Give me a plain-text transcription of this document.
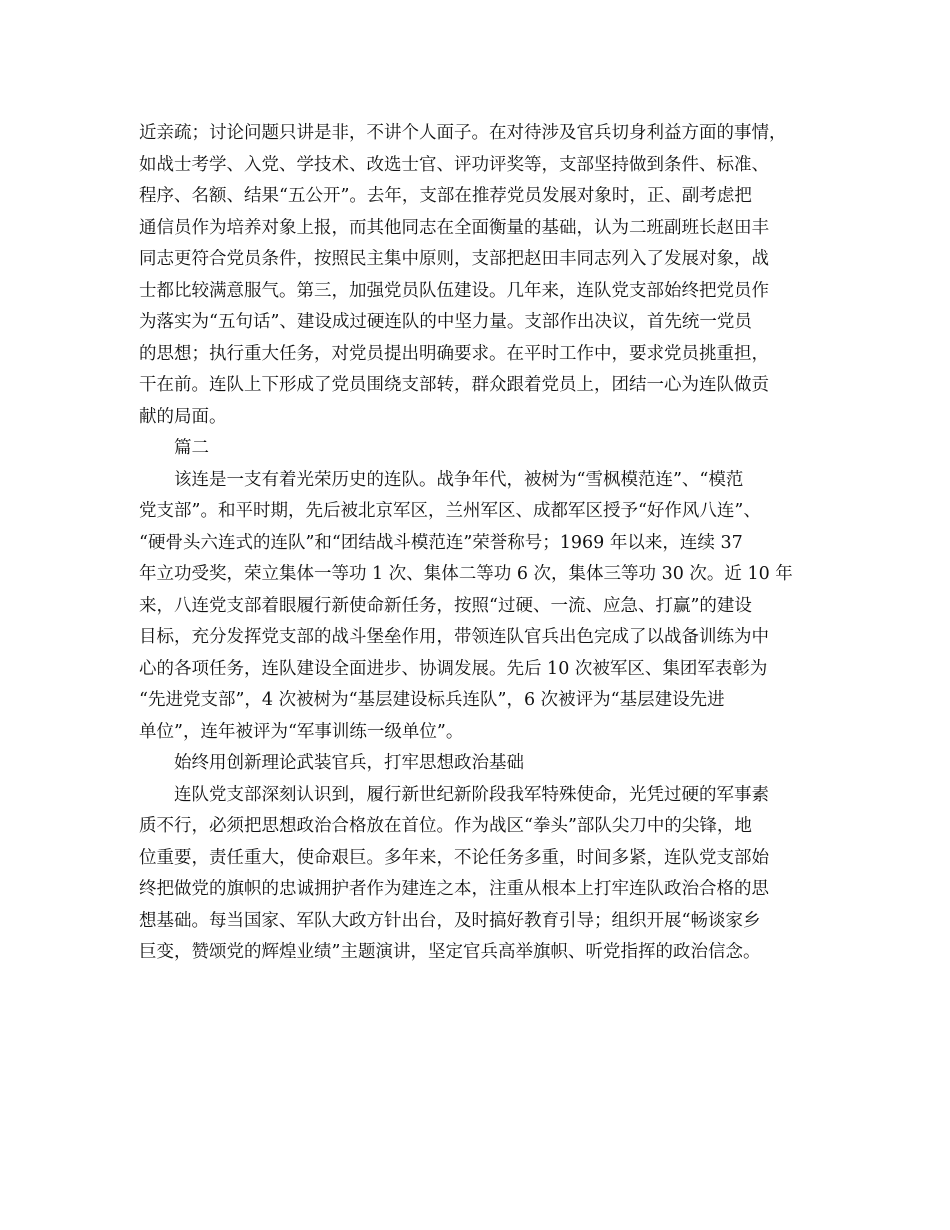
近亲疏；讨论问题只讲是非，不讲个人面子。在对待涉及官兵切身利益方面的事情，
如战士考学、入党、学技术、改选士官、评功评奖等，支部坚持做到条件、标准、
程序、名额、结果“五公开”。去年，支部在推荐党员发展对象时，正、副考虑把
通信员作为培养对象上报，而其他同志在全面衡量的基础，认为二班副班长赵田丰
同志更符合党员条件，按照民主集中原则，支部把赵田丰同志列入了发展对象，战
士都比较满意服气。第三，加强党员队伍建设。几年来，连队党支部始终把党员作
为落实为“五句话”、建设成过硬连队的中坚力量。支部作出决议，首先统一党员
的思想；执行重大任务，对党员提出明确要求。在平时工作中，要求党员挑重担，
干在前。连队上下形成了党员围绕支部转，群众跟着党员上，团结一心为连队做贡
献的局面。
篇二
该连是一支有着光荣历史的连队。战争年代，被树为“雪枫模范连”、“模范
党支部”。和平时期，先后被北京军区，兰州军区、成都军区授予“好作风八连”、
“硬骨头六连式的连队”和“团结战斗模范连”荣誉称号；1969 年以来，连续 37
年立功受奖，荣立集体一等功 1 次、集体二等功 6 次，集体三等功 30 次。近 10 年
来，八连党支部着眼履行新使命新任务，按照“过硬、一流、应急、打赢”的建设
目标，充分发挥党支部的战斗堡垒作用，带领连队官兵出色完成了以战备训练为中
心的各项任务，连队建设全面进步、协调发展。先后 10 次被军区、集团军表彰为
“先进党支部”，4 次被树为“基层建设标兵连队”，6 次被评为“基层建设先进
单位”，连年被评为“军事训练一级单位”。
始终用创新理论武装官兵，打牢思想政治基础
连队党支部深刻认识到，履行新世纪新阶段我军特殊使命，光凭过硬的军事素
质不行，必须把思想政治合格放在首位。作为战区“拳头”部队尖刀中的尖锋，地
位重要，责任重大，使命艰巨。多年来，不论任务多重，时间多紧，连队党支部始
终把做党的旗帜的忠诚拥护者作为建连之本，注重从根本上打牢连队政治合格的思
想基础。每当国家、军队大政方针出台，及时搞好教育引导；组织开展“畅谈家乡
巨变，赞颂党的辉煌业绩”主题演讲，坚定官兵高举旗帜、听党指挥的政治信念。
